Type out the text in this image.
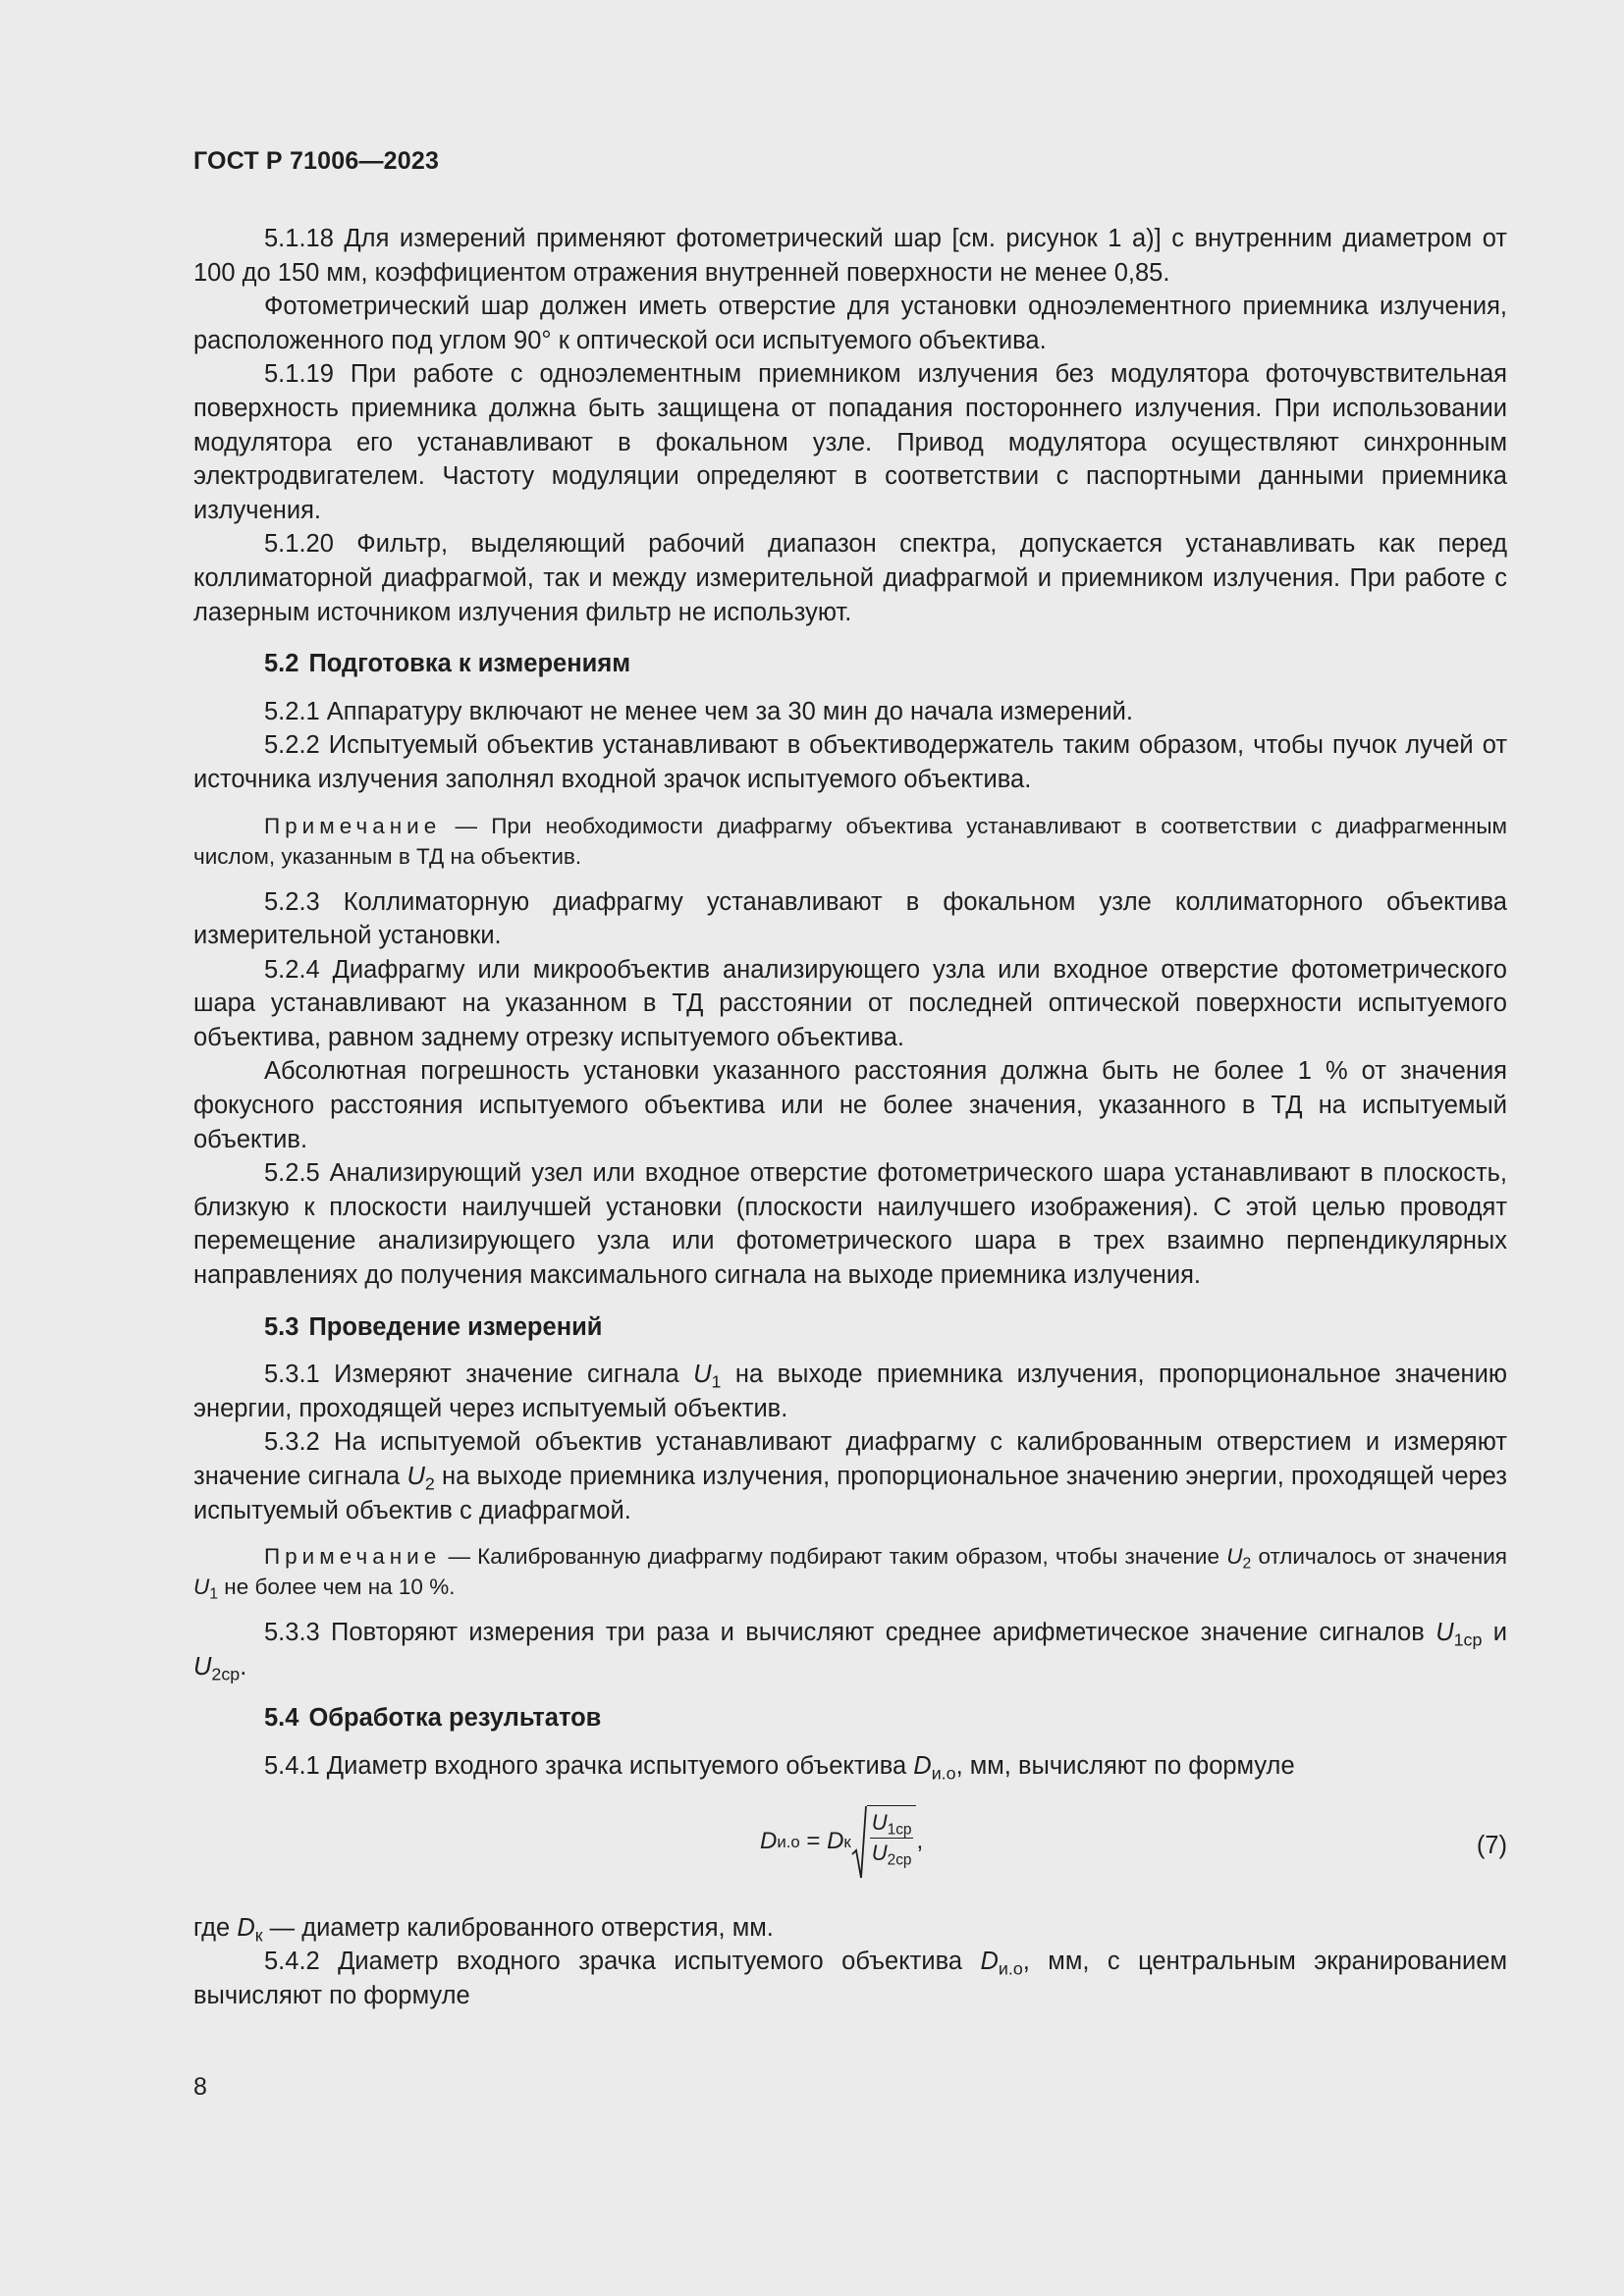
ГОСТ Р 71006—2023

5.1.18 Для измерений применяют фотометрический шар [см. рисунок 1 а)] с внутренним диаметром от 100 до 150 мм, коэффициентом отражения внутренней поверхности не менее 0,85.

Фотометрический шар должен иметь отверстие для установки одноэлементного приемника излучения, расположенного под углом 90° к оптической оси испытуемого объектива.

5.1.19 При работе с одноэлементным приемником излучения без модулятора фоточувствительная поверхность приемника должна быть защищена от попадания постороннего излучения. При использовании модулятора его устанавливают в фокальном узле. Привод модулятора осуществляют синхронным электродвигателем. Частоту модуляции определяют в соответствии с паспортными данными приемника излучения.

5.1.20 Фильтр, выделяющий рабочий диапазон спектра, допускается устанавливать как перед коллиматорной диафрагмой, так и между измерительной диафрагмой и приемником излучения. При работе с лазерным источником излучения фильтр не используют.

5.2 Подготовка к измерениям

5.2.1 Аппаратуру включают не менее чем за 30 мин до начала измерений.

5.2.2 Испытуемый объектив устанавливают в объективодержатель таким образом, чтобы пучок лучей от источника излучения заполнял входной зрачок испытуемого объектива.

Примечание — При необходимости диафрагму объектива устанавливают в соответствии с диафрагменным числом, указанным в ТД на объектив.

5.2.3 Коллиматорную диафрагму устанавливают в фокальном узле коллиматорного объектива измерительной установки.

5.2.4 Диафрагму или микрообъектив анализирующего узла или входное отверстие фотометрического шара устанавливают на указанном в ТД расстоянии от последней оптической поверхности испытуемого объектива, равном заднему отрезку испытуемого объектива.

Абсолютная погрешность установки указанного расстояния должна быть не более 1 % от значения фокусного расстояния испытуемого объектива или не более значения, указанного в ТД на испытуемый объектив.

5.2.5 Анализирующий узел или входное отверстие фотометрического шара устанавливают в плоскость, близкую к плоскости наилучшей установки (плоскости наилучшего изображения). С этой целью проводят перемещение анализирующего узла или фотометрического шара в трех взаимно перпендикулярных направлениях до получения максимального сигнала на выходе приемника излучения.

5.3 Проведение измерений

5.3.1 Измеряют значение сигнала $U_1$ на выходе приемника излучения, пропорциональное значению энергии, проходящей через испытуемый объектив.

5.3.2 На испытуемой объектив устанавливают диафрагму с калиброванным отверстием и измеряют значение сигнала $U_2$ на выходе приемника излучения, пропорциональное значению энергии, проходящей через испытуемый объектив с диафрагмой.

Примечание — Калиброванную диафрагму подбирают таким образом, чтобы значение $U_2$ отличалось от значения $U_1$ не более чем на 10 %.

5.3.3 Повторяют измерения три раза и вычисляют среднее арифметическое значение сигналов $U_{1ср}$ и $U_{2ср}$.

5.4 Обработка результатов

5.4.1 Диаметр входного зрачка испытуемого объектива $D_{и.о}$, мм, вычисляют по формуле

D и.о = D к $\frac{U_{1ср}}{U_{2ср}}$ ,	(7)

где $D_к$ — диаметр калиброванного отверстия, мм.

5.4.2 Диаметр входного зрачка испытуемого объектива $D_{и.о}$, мм, с центральным экранированием вычисляют по формуле

8
